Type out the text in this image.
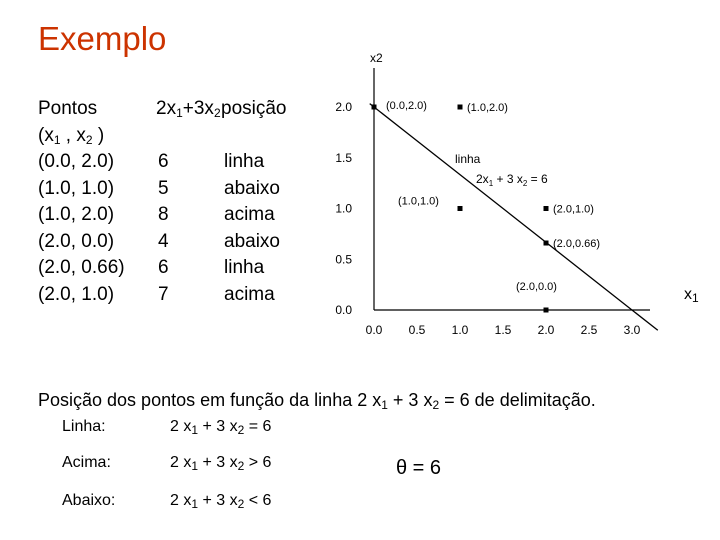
Exemplo
Pontos	$2x_1+3x_2$ posição
($x_1$ , $x_2$ )
(0.0, 2.0) 6	linha
(1.0, 1.0) 5	abaixo
(1.0, 2.0) 8	acima
(2.0, 0.0) 4	abaixo
(2.0, 0.66) 6	linha
(2.0, 1.0) 7	acima
x2
0.0 0.5 1.0 1.5 2.0 2.5 3.0
0.0
0.5
1.0
1.5
2.0
linha
$2x_1 + 3$ $x_2 = 6$
(0.0,2.0)	(1.0,2.0)
(1.0,1.0)
(2.0,1.0)
(2.0,0.66)
(2.0,0.0)	$x_1$
Posição dos pontos em função da linha 2 $x_1 + 3$ $x_2 = 6$ de delimitação.
Linha:	2 $x_1 + 3$ $x_2 = 6$
Acima:	2 $x_1 + 3$ $x_2 > 6$
Abaixo:	2 $x_1 + 3$ $x_2 < 6$
θ = 6
